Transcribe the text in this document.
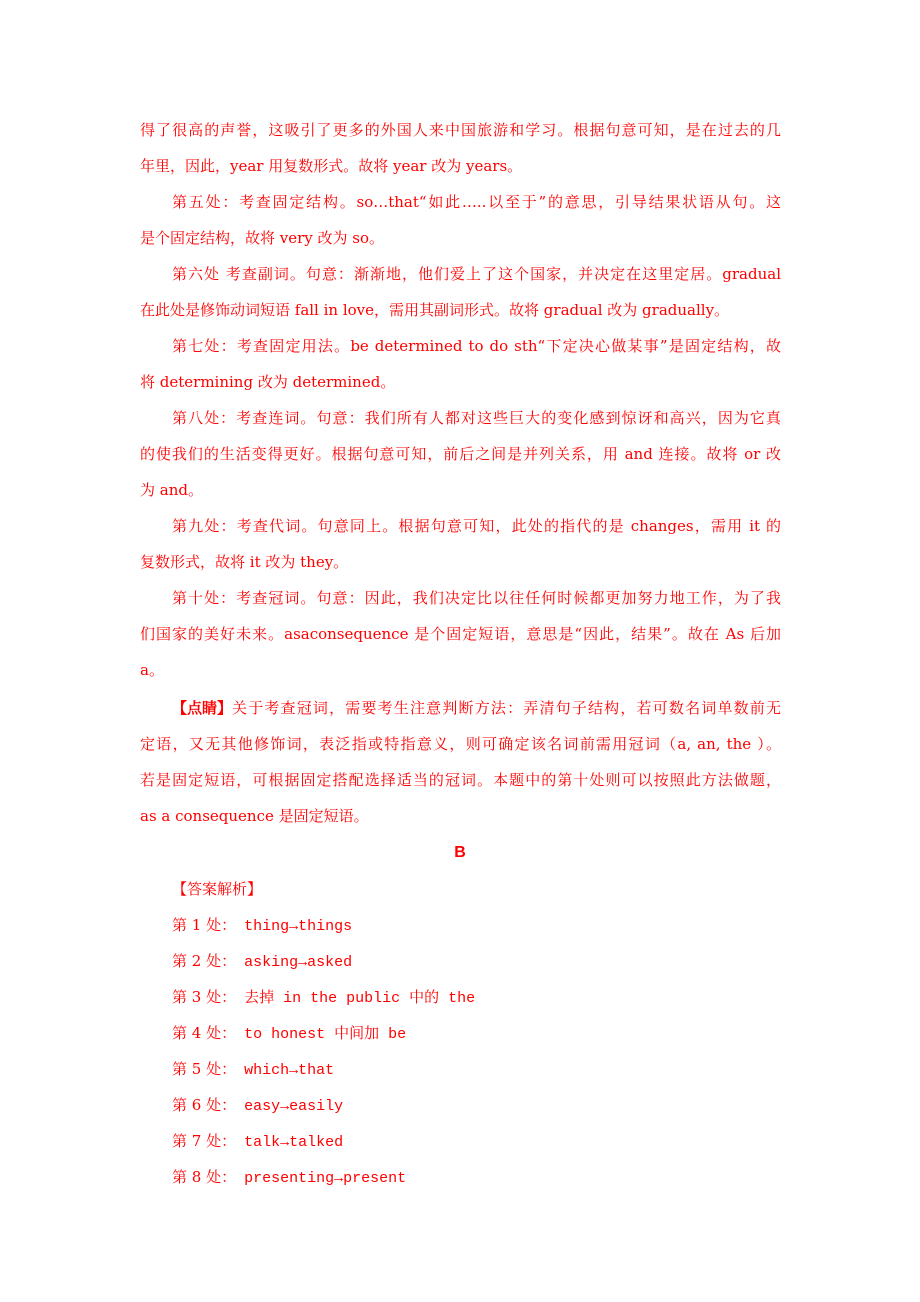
得了很高的声誉，这吸引了更多的外国人来中国旅游和学习。根据句意可知，是在过去的几
年里，因此，year 用复数形式。故将 year 改为 years。
第五处：考查固定结构。so…that“如此…..以至于”的意思，引导结果状语从句。这
是个固定结构，故将 very 改为 so。
第六处 考查副词。句意：渐渐地，他们爱上了这个国家，并决定在这里定居。gradual
在此处是修饰动词短语 fall in love，需用其副词形式。故将 gradual 改为 gradually。
第七处：考查固定用法。be determined to do sth“下定决心做某事”是固定结构，故
将 determining 改为 determined。
第八处：考查连词。句意：我们所有人都对这些巨大的变化感到惊讶和高兴，因为它真
的使我们的生活变得更好。根据句意可知，前后之间是并列关系，用 and 连接。故将 or 改
为 and。
第九处：考查代词。句意同上。根据句意可知，此处的指代的是 changes，需用 it 的
复数形式，故将 it 改为 they。
第十处：考查冠词。句意：因此，我们决定比以往任何时候都更加努力地工作，为了我
们国家的美好未来。asaconsequence 是个固定短语，意思是“因此，结果”。故在 As 后加
a。
【点睛】 关于考查冠词，需要考生注意判断方法：弄清句子结构，若可数名词单数前无
定语，又无其他修饰词，表泛指或特指意义，则可确定该名词前需用冠词（a, an, the ）。
若是固定短语，可根据固定搭配选择适当的冠词。本题中的第十处则可以按照此方法做题，
as a consequence 是固定短语。
B
【答案解析】
第 1 处： thing→things
第 2 处： asking→asked
第 3 处： 去掉 in the public 中的 the
第 4 处： to honest 中间加 be
第 5 处： which→that
第 6 处： easy→easily
第 7 处： talk→talked
第 8 处： presenting→present
